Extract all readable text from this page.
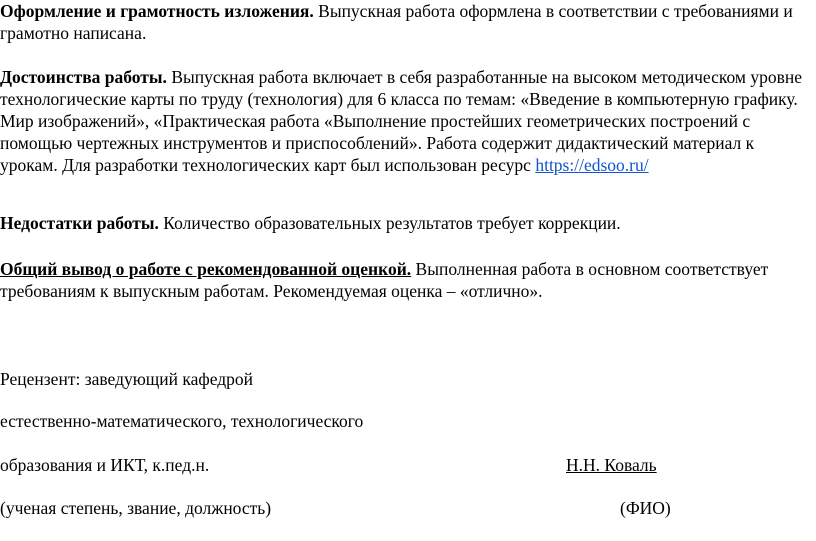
Оформление и грамотность изложения. Выпускная работа оформлена в соответствии с требованиями и грамотно написана.

Достоинства работы. Выпускная работа включает в себя разработанные на высоком методическом уровне технологические карты по труду (технология) для 6 класса по темам: «Введение в компьютерную графику. Мир изображений», «Практическая работа «Выполнение простейших геометрических построений с помощью чертежных инструментов и приспособлений». Работа содержит дидактический материал к урокам. Для разработки технологических карт был использован ресурс https://edsoo.ru/

Недостатки работы. Количество образовательных результатов требует коррекции.

Общий вывод о работе с рекомендованной оценкой. Выполненная работа в основном соответствует требованиям к выпускным работам. Рекомендуемая оценка – «отлично».

Рецензент: заведующий кафедрой

естественно-математического, технологического

образования и ИКТ, к.пед.н.	Н.Н. Коваль
(ученая степень, звание, должность)	(ФИО)
